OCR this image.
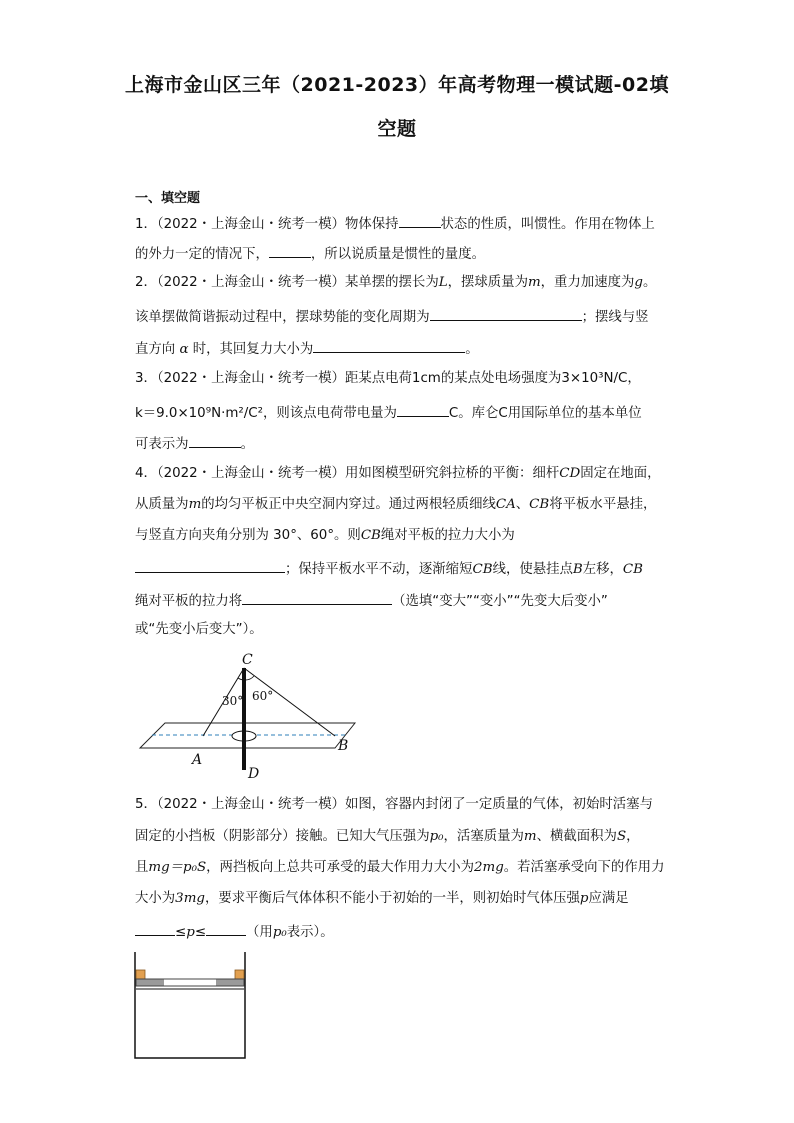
上海市金山区三年（2021-2023）年高考物理一模试题-02填
空题
一、填空题
1．（2022・上海金山・统考一模）物体保持	状态的性质，叫惯性。作用在物体上
的外力一定的情况下，	，所以说质量是惯性的量度。
2．（2022・上海金山・统考一模）某单摆的摆长为L，摆球质量为m，重力加速度为g。
该单摆做简谐振动过程中，摆球势能的变化周期为	；摆线与竖
直方向 α 时，其回复力大小为	。
3．（2022・上海金山・统考一模）距某点电荷1cm的某点处电场强度为3×10³N/C，
k＝9.0×10⁹N·m²/C²，则该点电荷带电量为	C。库仑C用国际单位的基本单位
可表示为	。
4．（2022・上海金山・统考一模）用如图模型研究斜拉桥的平衡：细杆CD固定在地面，
从质量为m的均匀平板正中央空洞内穿过。通过两根轻质细线CA、CB将平板水平悬挂，
与竖直方向夹角分别为 30°、60°。则CB绳对平板的拉力大小为
；保持平板水平不动，逐渐缩短CB线，使悬挂点B左移，CB
绳对平板的拉力将	（选填“变大”“变小”“先变大后变小”
或“先变小后变大”）。
30° 60°
C
A
B
D
5．（2022・上海金山・统考一模）如图，容器内封闭了一定质量的气体，初始时活塞与
固定的小挡板（阴影部分）接触。已知大气压强为p₀，活塞质量为m、横截面积为S，
且mg＝p₀S，两挡板向上总共可承受的最大作用力大小为2mg。若活塞承受向下的作用力
大小为3mg，要求平衡后气体体积不能小于初始的一半，则初始时气体压强p应满足
≤p≤	（用p₀表示）。
